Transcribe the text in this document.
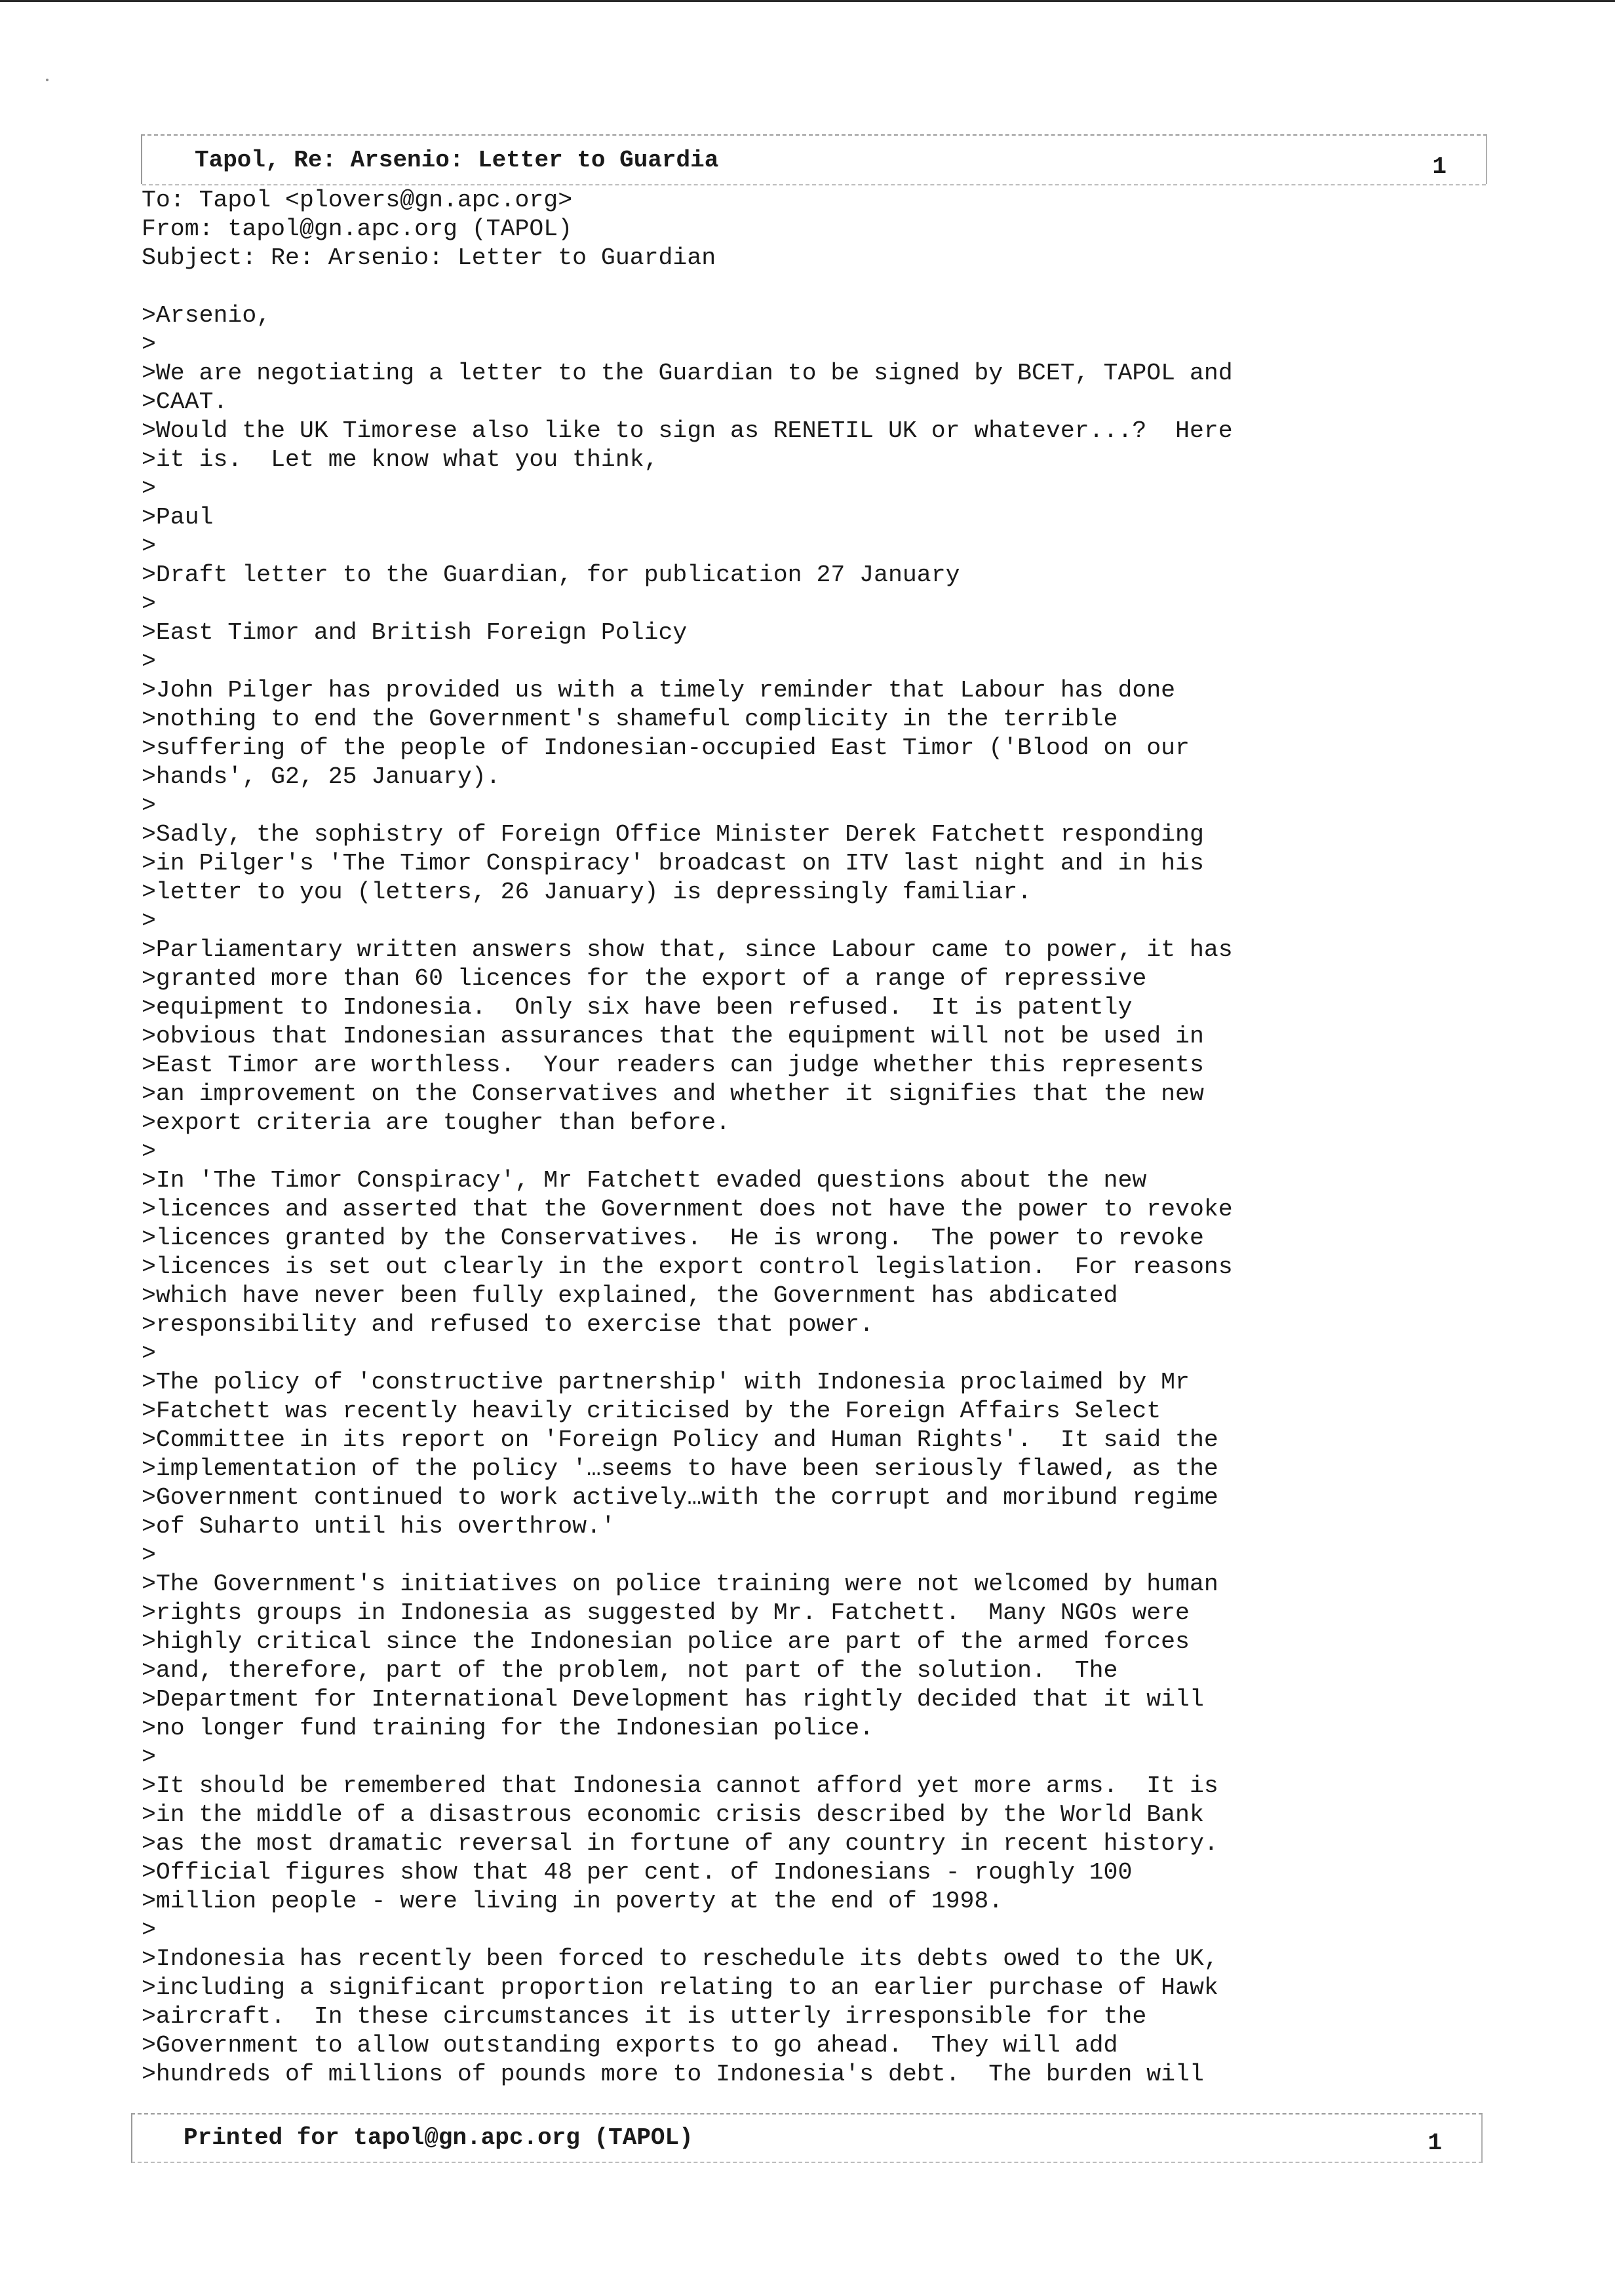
Tapol, Re: Arsenio: Letter to Guardia	1
To: Tapol <plovers@gn.apc.org>
From: tapol@gn.apc.org (TAPOL)
Subject: Re: Arsenio: Letter to Guardian
>Arsenio,
>
>We are negotiating a letter to the Guardian to be signed by BCET, TAPOL and
>CAAT.
>Would the UK Timorese also like to sign as RENETIL UK or whatever...?  Here
>it is.  Let me know what you think,
>
>Paul
>
>Draft letter to the Guardian, for publication 27 January
>
>East Timor and British Foreign Policy
>
>John Pilger has provided us with a timely reminder that Labour has done
>nothing to end the Government's shameful complicity in the terrible
>suffering of the people of Indonesian-occupied East Timor ('Blood on our
>hands', G2, 25 January).
>
>Sadly, the sophistry of Foreign Office Minister Derek Fatchett responding
>in Pilger's 'The Timor Conspiracy' broadcast on ITV last night and in his
>letter to you (letters, 26 January) is depressingly familiar.
>
>Parliamentary written answers show that, since Labour came to power, it has
>granted more than 60 licences for the export of a range of repressive
>equipment to Indonesia.  Only six have been refused.  It is patently
>obvious that Indonesian assurances that the equipment will not be used in
>East Timor are worthless.  Your readers can judge whether this represents
>an improvement on the Conservatives and whether it signifies that the new
>export criteria are tougher than before.
>
>In 'The Timor Conspiracy', Mr Fatchett evaded questions about the new
>licences and asserted that the Government does not have the power to revoke
>licences granted by the Conservatives.  He is wrong.  The power to revoke
>licences is set out clearly in the export control legislation.  For reasons
>which have never been fully explained, the Government has abdicated
>responsibility and refused to exercise that power.
>
>The policy of 'constructive partnership' with Indonesia proclaimed by Mr
>Fatchett was recently heavily criticised by the Foreign Affairs Select
>Committee in its report on 'Foreign Policy and Human Rights'.  It said the
>implementation of the policy '…seems to have been seriously flawed, as the
>Government continued to work actively…with the corrupt and moribund regime
>of Suharto until his overthrow.'
>
>The Government's initiatives on police training were not welcomed by human
>rights groups in Indonesia as suggested by Mr. Fatchett.  Many NGOs were
>highly critical since the Indonesian police are part of the armed forces
>and, therefore, part of the problem, not part of the solution.  The
>Department for International Development has rightly decided that it will
>no longer fund training for the Indonesian police.
>
>It should be remembered that Indonesia cannot afford yet more arms.  It is
>in the middle of a disastrous economic crisis described by the World Bank
>as the most dramatic reversal in fortune of any country in recent history.
>Official figures show that 48 per cent. of Indonesians - roughly 100
>million people - were living in poverty at the end of 1998.
>
>Indonesia has recently been forced to reschedule its debts owed to the UK,
>including a significant proportion relating to an earlier purchase of Hawk
>aircraft.  In these circumstances it is utterly irresponsible for the
>Government to allow outstanding exports to go ahead.  They will add
>hundreds of millions of pounds more to Indonesia's debt.  The burden will
Printed for tapol@gn.apc.org (TAPOL)	1
